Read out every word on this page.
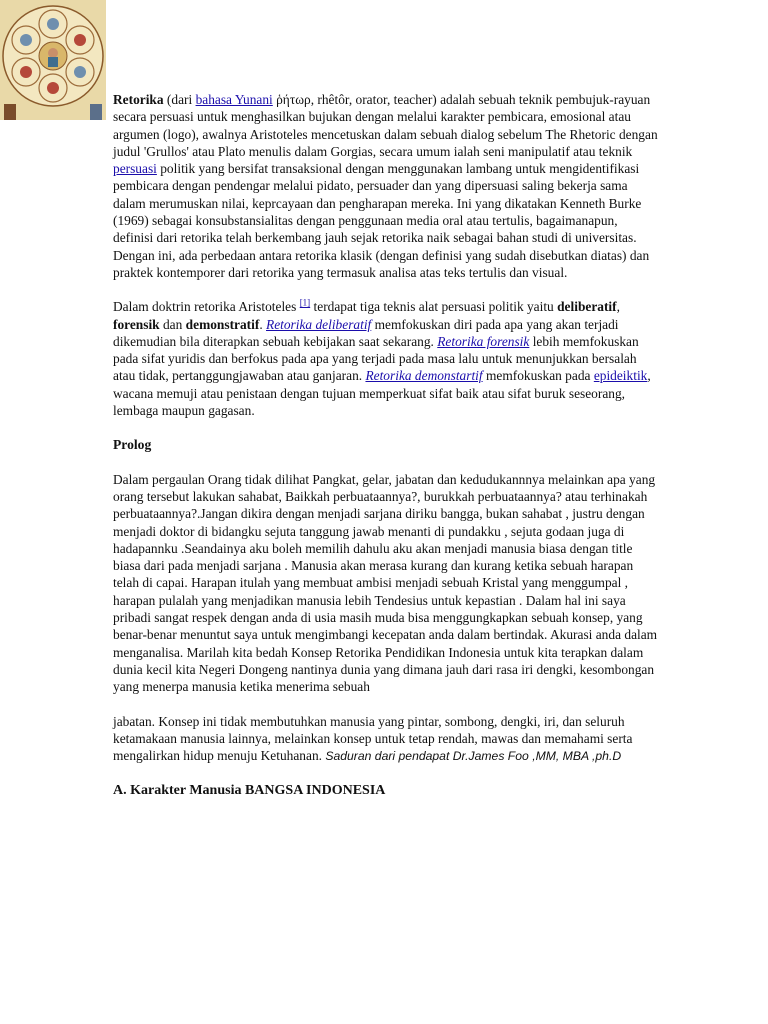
Retorika (dari bahasa Yunani ῥήτωρ, rhêtôr, orator, teacher) adalah sebuah teknik pembujuk-rayuan secara persuasi untuk menghasilkan bujukan dengan melalui karakter pembicara, emosional atau argumen (logo), awalnya Aristoteles mencetuskan dalam sebuah dialog sebelum The Rhetoric dengan judul 'Grullos' atau Plato menulis dalam Gorgias, secara umum ialah seni manipulatif atau teknik persuasi politik yang bersifat transaksional dengan menggunakan lambang untuk mengidentifikasi pembicara dengan pendengar melalui pidato, persuader dan yang dipersuasi saling bekerja sama dalam merumuskan nilai, keprcayaan dan pengharapan mereka. Ini yang dikatakan Kenneth Burke (1969) sebagai konsubstansialitas dengan penggunaan media oral atau tertulis, bagaimanapun, definisi dari retorika telah berkembang jauh sejak retorika naik sebagai bahan studi di universitas. Dengan ini, ada perbedaan antara retorika klasik (dengan definisi yang sudah disebutkan diatas) dan praktek kontemporer dari retorika yang termasuk analisa atas teks tertulis dan visual.

Dalam doktrin retorika Aristoteles [1] terdapat tiga teknis alat persuasi politik yaitu deliberatif, forensik dan demonstratif. Retorika deliberatif memfokuskan diri pada apa yang akan terjadi dikemudian bila diterapkan sebuah kebijakan saat sekarang. Retorika forensik lebih memfokuskan pada sifat yuridis dan berfokus pada apa yang terjadi pada masa lalu untuk menunjukkan bersalah atau tidak, pertanggungjawaban atau ganjaran. Retorika demonstartif memfokuskan pada epideiktik, wacana memuji atau penistaan dengan tujuan memperkuat sifat baik atau sifat buruk seseorang, lembaga maupun gagasan.

Prolog

Dalam pergaulan Orang tidak dilihat Pangkat, gelar, jabatan dan kedudukannnya melainkan apa yang orang tersebut lakukan sahabat, Baikkah perbuataannya?, burukkah perbuataannya? atau terhinakah perbuataannya?.Jangan dikira dengan menjadi sarjana diriku bangga, bukan sahabat , justru dengan menjadi doktor di bidangku sejuta tanggung jawab menanti di pundakku , sejuta godaan juga di hadapannku .Seandainya aku boleh memilih dahulu aku akan menjadi manusia biasa dengan title biasa dari pada menjadi sarjana . Manusia akan merasa kurang dan kurang ketika sebuah harapan telah di capai. Harapan itulah yang membuat ambisi menjadi sebuah Kristal yang menggumpal , harapan pulalah yang menjadikan manusia lebih Tendesius untuk kepastian . Dalam hal ini saya pribadi sangat respek dengan anda di usia masih muda bisa menggungkapkan sebuah konsep, yang benar-benar menuntut saya untuk mengimbangi kecepatan anda dalam bertindak. Akurasi anda dalam menganalisa. Marilah kita bedah Konsep Retorika Pendidikan Indonesia untuk kita terapkan dalam dunia kecil kita Negeri Dongeng nantinya dunia yang dimana jauh dari rasa iri dengki, kesombongan yang menerpa manusia ketika menerima sebuah

jabatan. Konsep ini tidak membutuhkan manusia yang pintar, sombong, dengki, iri, dan seluruh ketamakaan manusia lainnya, melainkan konsep untuk tetap rendah, mawas dan memahami serta mengalirkan hidup menuju Ketuhanan. Saduran dari pendapat Dr.James Foo ,MM, MBA ,ph.D

A. Karakter Manusia BANGSA INDONESIA
